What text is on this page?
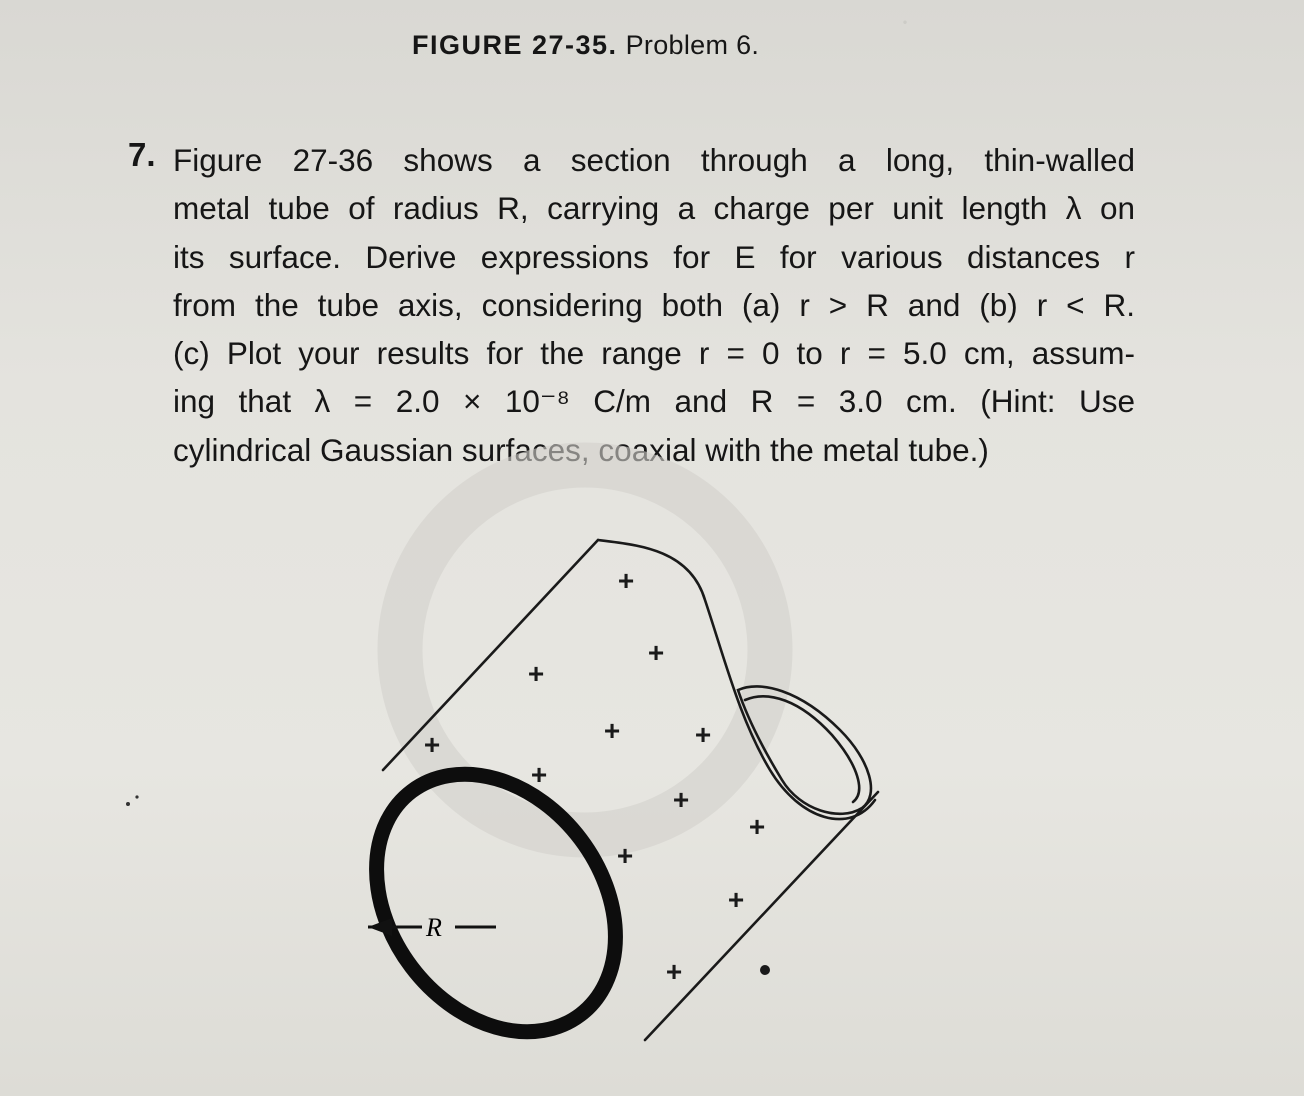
·
FIGURE 27-35. Problem 6.
7. Figure 27-36 shows a section through a long, thin-walled
metal tube of radius R, carrying a charge per unit length λ on
its surface. Derive expressions for E for various distances r
from the tube axis, considering both (a) r > R and (b) r < R.
(c) Plot your results for the range r = 0 to r = 5.0 cm, assum-
ing that λ = 2.0 × 10⁻⁸ C/m and R = 3.0 cm. (Hint: Use
cylindrical Gaussian surfaces, coaxial with the metal tube.)
R
+
+
+
+	+	+
+
+
+
+
+
+
